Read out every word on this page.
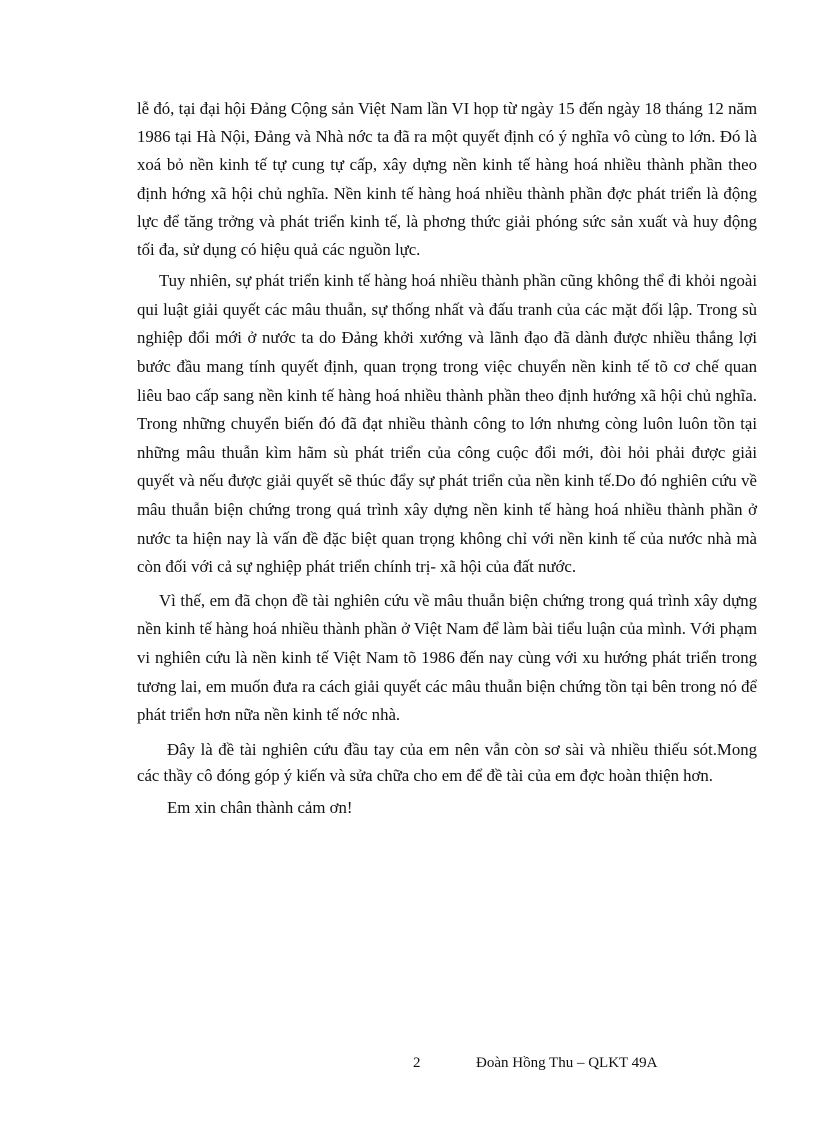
lễ đó, tại đại hội Đảng Cộng sản Việt Nam lần VI họp từ ngày 15 đến ngày 18 tháng 12 năm 1986 tại Hà Nội, Đảng và Nhà nớc ta đã ra một quyết định có ý nghĩa vô cùng to lớn. Đó là xoá bỏ nền kinh tế tự cung tự cấp, xây dựng nền kinh tế hàng hoá nhiều thành phần theo định hớng xã hội chủ nghĩa. Nền kinh tế hàng hoá nhiều thành phần đợc phát triển là động lực để tăng trởng và phát triển kinh tế, là phơng thức giải phóng sức sản xuất và huy động tối đa, sử dụng có hiệu quả các nguồn lực.

Tuy nhiên, sự phát triển kinh tế hàng hoá nhiều thành phần cũng không thể đi khỏi ngoài qui luật giải quyết các mâu thuẫn, sự thống nhất và đấu tranh của các mặt đối lập. Trong sù nghiệp đổi mới ở nước ta do Đảng khởi xướng và lãnh đạo đã dành được nhiều thắng lợi bước đầu mang tính quyết định, quan trọng trong việc chuyển nền kinh tế tõ cơ chế quan liêu bao cấp sang nền kinh tế hàng hoá nhiều thành phần theo định hướng xã hội chủ nghĩa. Trong những chuyển biến đó đã đạt nhiều thành công to lớn nhưng còng luôn luôn tồn tại những mâu thuẫn kìm hãm sù phát triển của công cuộc đổi mới, đòi hỏi phải được giải quyết và nếu được giải quyết sẽ thúc đẩy sự phát triển của nền kinh tế.Do đó nghiên cứu về mâu thuẫn biện chứng trong quá trình xây dựng nền kinh tế hàng hoá nhiều thành phần ở nước ta hiện nay là vấn đề đặc biệt quan trọng không chỉ với nền kinh tế của nước nhà mà còn đối với cả sự nghiệp phát triển chính trị- xã hội của đất nước.

Vì thế, em đã chọn đề tài nghiên cứu về mâu thuẫn biện chứng trong quá trình xây dựng nền kinh tế hàng hoá nhiều thành phần ở Việt Nam để làm bài tiểu luận của mình. Với phạm vi nghiên cứu là nền kinh tế Việt Nam tõ 1986 đến nay cùng với xu hướng phát triển trong tương lai, em muốn đưa ra cách giải quyết các mâu thuẫn biện chứng tồn tại bên trong nó để phát triển hơn nữa nền kinh tế nớc nhà.

Đây là đề tài nghiên cứu đầu tay của em nên vẫn còn sơ sài và nhiều thiếu sót.Mong các thầy cô đóng góp ý kiến và sửa chữa cho em để đề tài của em đợc hoàn thiện hơn.

Em xin chân thành cảm ơn!

2	Đoàn Hồng Thu – QLKT 49A
